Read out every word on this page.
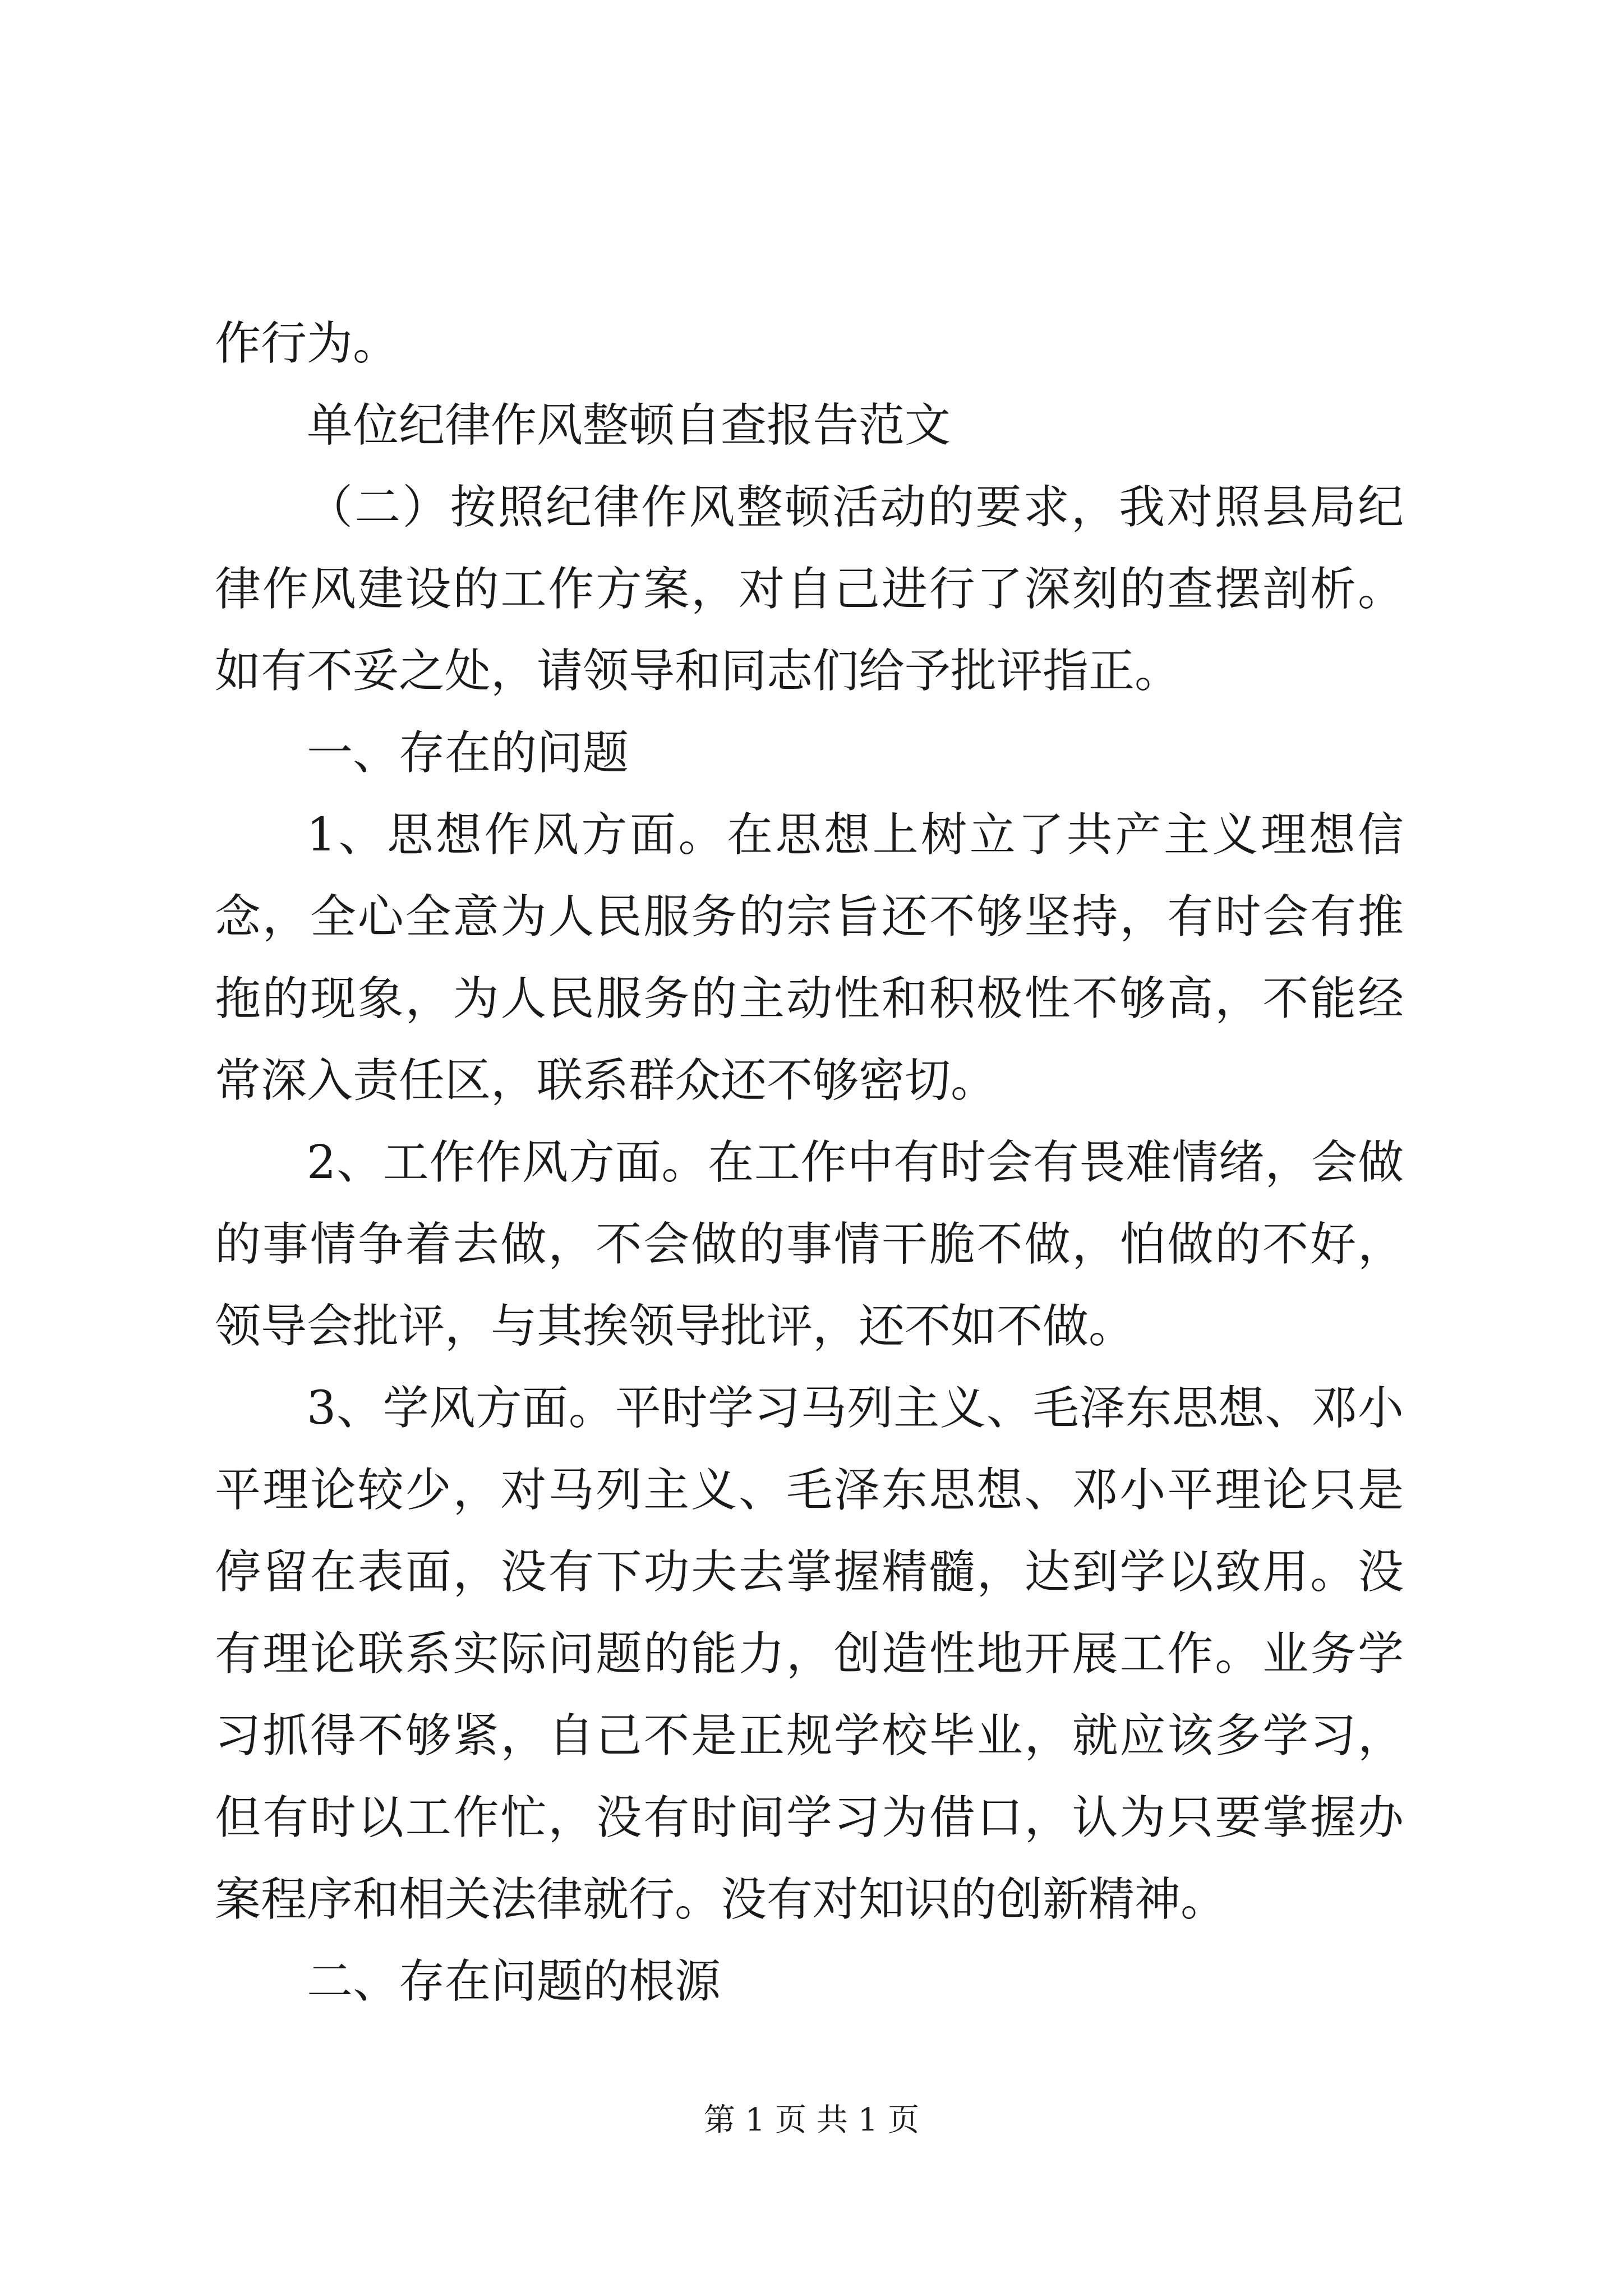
作行为。

单位纪律作风整顿自查报告范文

（二）按照纪律作风整顿活动的要求，我对照县局纪律作风建设的工作方案，对自己进行了深刻的查摆剖析。如有不妥之处，请领导和同志们给予批评指正。

一、存在的问题

1、思想作风方面。在思想上树立了共产主义理想信念，全心全意为人民服务的宗旨还不够坚持，有时会有推拖的现象，为人民服务的主动性和积极性不够高，不能经常深入责任区，联系群众还不够密切。

2、工作作风方面。在工作中有时会有畏难情绪，会做的事情争着去做，不会做的事情干脆不做，怕做的不好，领导会批评，与其挨领导批评，还不如不做。

3、学风方面。平时学习马列主义、毛泽东思想、邓小平理论较少，对马列主义、毛泽东思想、邓小平理论只是停留在表面，没有下功夫去掌握精髓，达到学以致用。没有理论联系实际问题的能力，创造性地开展工作。业务学习抓得不够紧，自己不是正规学校毕业，就应该多学习，但有时以工作忙，没有时间学习为借口，认为只要掌握办案程序和相关法律就行。没有对知识的创新精神。

二、存在问题的根源

第 1 页 共 1 页
